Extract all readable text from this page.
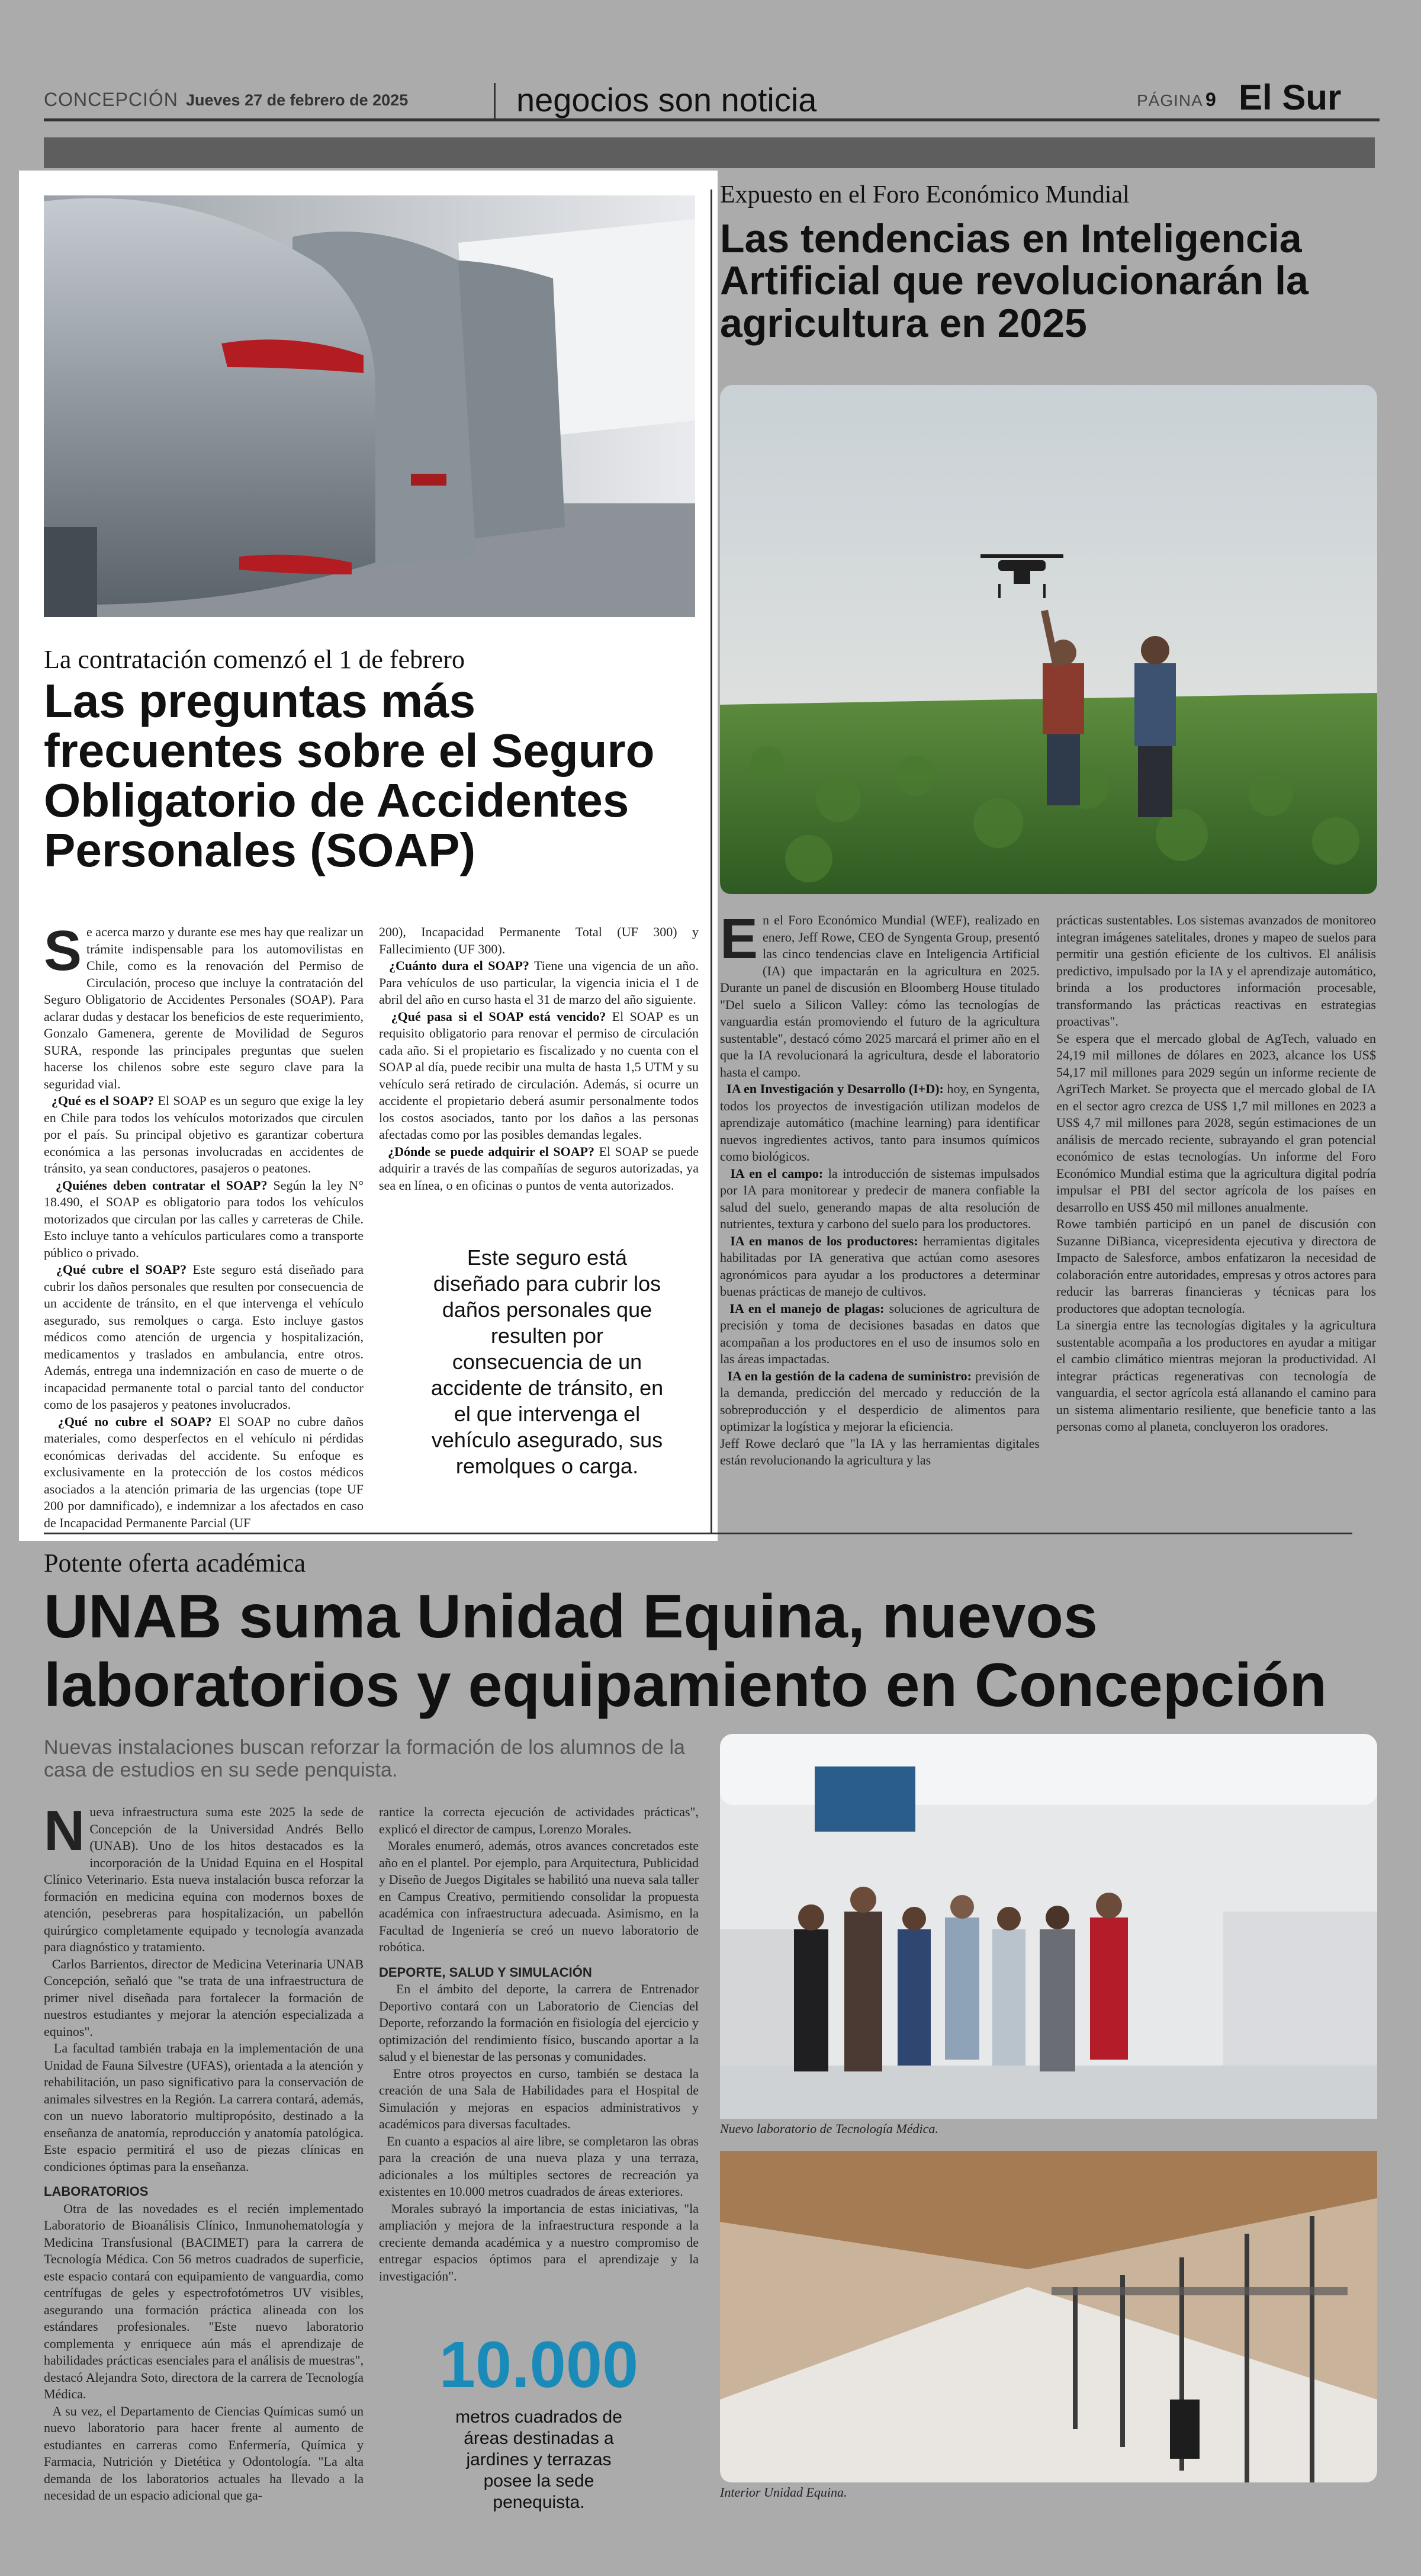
CONCEPCIÓN Jueves 27 de febrero de 2025	negocios son noticia	PÁGINA 9 El Sur
La contratación comenzó el 1 de febrero
Las preguntas más frecuentes sobre el Seguro Obligatorio de Accidentes Personales (SOAP)
S e acerca marzo y durante ese mes hay que realizar un trámite indispensable para los automovilistas en Chile, como es la renovación del Permiso de Circulación, proceso que incluye la contratación del Seguro Obligatorio de Accidentes Personales (SOAP). Para aclarar dudas y destacar los beneficios de este requerimiento, Gonzalo Gamenera, gerente de Movilidad de Seguros SURA, responde las principales preguntas que suelen hacerse los chilenos sobre este seguro clave para la seguridad vial.

¿Qué es el SOAP? El SOAP es un seguro que exige la ley en Chile para todos los vehículos motorizados que circulen por el país. Su principal objetivo es garantizar cobertura económica a las personas involucradas en accidentes de tránsito, ya sean conductores, pasajeros o peatones.

¿Quiénes deben contratar el SOAP? Según la ley N° 18.490, el SOAP es obligatorio para todos los vehículos motorizados que circulan por las calles y carreteras de Chile. Esto incluye tanto a vehículos particulares como a transporte público o privado.

¿Qué cubre el SOAP? Este seguro está diseñado para cubrir los daños personales que resulten por consecuencia de un accidente de tránsito, en el que intervenga el vehículo asegurado, sus remolques o carga. Esto incluye gastos médicos como atención de urgencia y hospitalización, medicamentos y traslados en ambulancia, entre otros. Además, entrega una indemnización en caso de muerte o de incapacidad permanente total o parcial tanto del conductor como de los pasajeros y peatones involucrados.

¿Qué no cubre el SOAP? El SOAP no cubre daños materiales, como desperfectos en el vehículo ni pérdidas económicas derivadas del accidente. Su enfoque es exclusivamente en la protección de los costos médicos asociados a la atención primaria de las urgencias (tope UF 200 por damnificado), e indemnizar a los afectados en caso de Incapacidad Permanente Parcial (UF

200), Incapacidad Permanente Total (UF 300) y Fallecimiento (UF 300).

¿Cuánto dura el SOAP? Tiene una vigencia de un año. Para vehículos de uso particular, la vigencia inicia el 1 de abril del año en curso hasta el 31 de marzo del año siguiente.

¿Qué pasa si el SOAP está vencido? El SOAP es un requisito obligatorio para renovar el permiso de circulación cada año. Si el propietario es fiscalizado y no cuenta con el SOAP al día, puede recibir una multa de hasta 1,5 UTM y su vehículo será retirado de circulación. Además, si ocurre un accidente el propietario deberá asumir personalmente todos los costos asociados, tanto por los daños a las personas afectadas como por las posibles demandas legales.

¿Dónde se puede adquirir el SOAP? El SOAP se puede adquirir a través de las compañías de seguros autorizadas, ya sea en línea, o en oficinas o puntos de venta autorizados.

Este seguro está diseñado para cubrir los daños personales que resulten por consecuencia de un accidente de tránsito, en el que intervenga el vehículo asegurado, sus remolques o carga.
Expuesto en el Foro Económico Mundial
Las tendencias en Inteligencia Artificial que revolucionarán la agricultura en 2025
E n el Foro Económico Mundial (WEF), realizado en enero, Jeff Rowe, CEO de Syngenta Group, presentó las cinco tendencias clave en Inteligencia Artificial (IA) que impactarán en la agricultura en 2025. Durante un panel de discusión en Bloomberg House titulado "Del suelo a Silicon Valley: cómo las tecnologías de vanguardia están promoviendo el futuro de la agricultura sustentable", destacó cómo 2025 marcará el primer año en el que la IA revolucionará la agricultura, desde el laboratorio hasta el campo.

IA en Investigación y Desarrollo (I+D): hoy, en Syngenta, todos los proyectos de investigación utilizan modelos de aprendizaje automático (machine learning) para identificar nuevos ingredientes activos, tanto para insumos químicos como biológicos.

IA en el campo: la introducción de sistemas impulsados por IA para monitorear y predecir de manera confiable la salud del suelo, generando mapas de alta resolución de nutrientes, textura y carbono del suelo para los productores.

IA en manos de los productores: herramientas digitales habilitadas por IA generativa que actúan como asesores agronómicos para ayudar a los productores a determinar buenas prácticas de manejo de cultivos.

IA en el manejo de plagas: soluciones de agricultura de precisión y toma de decisiones basadas en datos que acompañan a los productores en el uso de insumos solo en las áreas impactadas.

IA en la gestión de la cadena de suministro: previsión de la demanda, predicción del mercado y reducción de la sobreproducción y el desperdicio de alimentos para optimizar la logística y mejorar la eficiencia.

Jeff Rowe declaró que "la IA y las herramientas digitales están revolucionando la agricultura y las

prácticas sustentables. Los sistemas avanzados de monitoreo integran imágenes satelitales, drones y mapeo de suelos para permitir una gestión eficiente de los cultivos. El análisis predictivo, impulsado por la IA y el aprendizaje automático, brinda a los productores información procesable, transformando las prácticas reactivas en estrategias proactivas".

Se espera que el mercado global de AgTech, valuado en 24,19 mil millones de dólares en 2023, alcance los US$ 54,17 mil millones para 2029 según un informe reciente de AgriTech Market. Se proyecta que el mercado global de IA en el sector agro crezca de US$ 1,7 mil millones en 2023 a US$ 4,7 mil millones para 2028, según estimaciones de un análisis de mercado reciente, subrayando el gran potencial económico de estas tecnologías. Un informe del Foro Económico Mundial estima que la agricultura digital podría impulsar el PBI del sector agrícola de los países en desarrollo en US$ 450 mil millones anualmente.

Rowe también participó en un panel de discusión con Suzanne DiBianca, vicepresidenta ejecutiva y directora de Impacto de Salesforce, ambos enfatizaron la necesidad de colaboración entre autoridades, empresas y otros actores para reducir las barreras financieras y técnicas para los productores que adoptan tecnología.

La sinergia entre las tecnologías digitales y la agricultura sustentable acompaña a los productores en ayudar a mitigar el cambio climático mientras mejoran la productividad. Al integrar prácticas regenerativas con tecnología de vanguardia, el sector agrícola está allanando el camino para un sistema alimentario resiliente, que beneficie tanto a las personas como al planeta, concluyeron los oradores.

Potente oferta académica
UNAB suma Unidad Equina, nuevos laboratorios y equipamiento en Concepción
Nuevas instalaciones buscan reforzar la formación de los alumnos de la casa de estudios en su sede penquista.
N ueva infraestructura suma este 2025 la sede de Concepción de la Universidad Andrés Bello (UNAB). Uno de los hitos destacados es la incorporación de la Unidad Equina en el Hospital Clínico Veterinario. Esta nueva instalación busca reforzar la formación en medicina equina con modernos boxes de atención, pesebreras para hospitalización, un pabellón quirúrgico completamente equipado y tecnología avanzada para diagnóstico y tratamiento.

Carlos Barrientos, director de Medicina Veterinaria UNAB Concepción, señaló que "se trata de una infraestructura de primer nivel diseñada para fortalecer la formación de nuestros estudiantes y mejorar la atención especializada a equinos".

La facultad también trabaja en la implementación de una Unidad de Fauna Silvestre (UFAS), orientada a la atención y rehabilitación, un paso significativo para la conservación de animales silvestres en la Región. La carrera contará, además, con un nuevo laboratorio multipropósito, destinado a la enseñanza de anatomía, reproducción y anatomía patológica. Este espacio permitirá el uso de piezas clínicas en condiciones óptimas para la enseñanza.

LABORATORIOS

Otra de las novedades es el recién implementado Laboratorio de Bioanálisis Clínico, Inmunohematología y Medicina Transfusional (BACIMET) para la carrera de Tecnología Médica. Con 56 metros cuadrados de superficie, este espacio contará con equipamiento de vanguardia, como centrífugas de geles y espectrofotómetros UV visibles, asegurando una formación práctica alineada con los estándares profesionales. "Este nuevo laboratorio complementa y enriquece aún más el aprendizaje de habilidades prácticas esenciales para el análisis de muestras", destacó Alejandra Soto, directora de la carrera de Tecnología Médica.

A su vez, el Departamento de Ciencias Químicas sumó un nuevo laboratorio para hacer frente al aumento de estudiantes en carreras como Enfermería, Química y Farmacia, Nutrición y Dietética y Odontología. "La alta demanda de los laboratorios actuales ha llevado a la necesidad de un espacio adicional que ga-

rantice la correcta ejecución de actividades prácticas", explicó el director de campus, Lorenzo Morales.

Morales enumeró, además, otros avances concretados este año en el plantel. Por ejemplo, para Arquitectura, Publicidad y Diseño de Juegos Digitales se habilitó una nueva sala taller en Campus Creativo, permitiendo consolidar la propuesta académica con infraestructura adecuada. Asimismo, en la Facultad de Ingeniería se creó un nuevo laboratorio de robótica.

DEPORTE, SALUD Y SIMULACIÓN

En el ámbito del deporte, la carrera de Entrenador Deportivo contará con un Laboratorio de Ciencias del Deporte, reforzando la formación en fisiología del ejercicio y optimización del rendimiento físico, buscando aportar a la salud y el bienestar de las personas y comunidades.

Entre otros proyectos en curso, también se destaca la creación de una Sala de Habilidades para el Hospital de Simulación y mejoras en espacios administrativos y académicos para diversas facultades.

En cuanto a espacios al aire libre, se completaron las obras para la creación de una nueva plaza y una terraza, adicionales a los múltiples sectores de recreación ya existentes en 10.000 metros cuadrados de áreas exteriores.

Morales subrayó la importancia de estas iniciativas, "la ampliación y mejora de la infraestructura responde a la creciente demanda académica y a nuestro compromiso de entregar espacios óptimos para el aprendizaje y la investigación".

10.000
metros cuadrados de áreas destinadas a jardines y terrazas posee la sede penequista.
Nuevo laboratorio de Tecnología Médica.
Interior Unidad Equina.
